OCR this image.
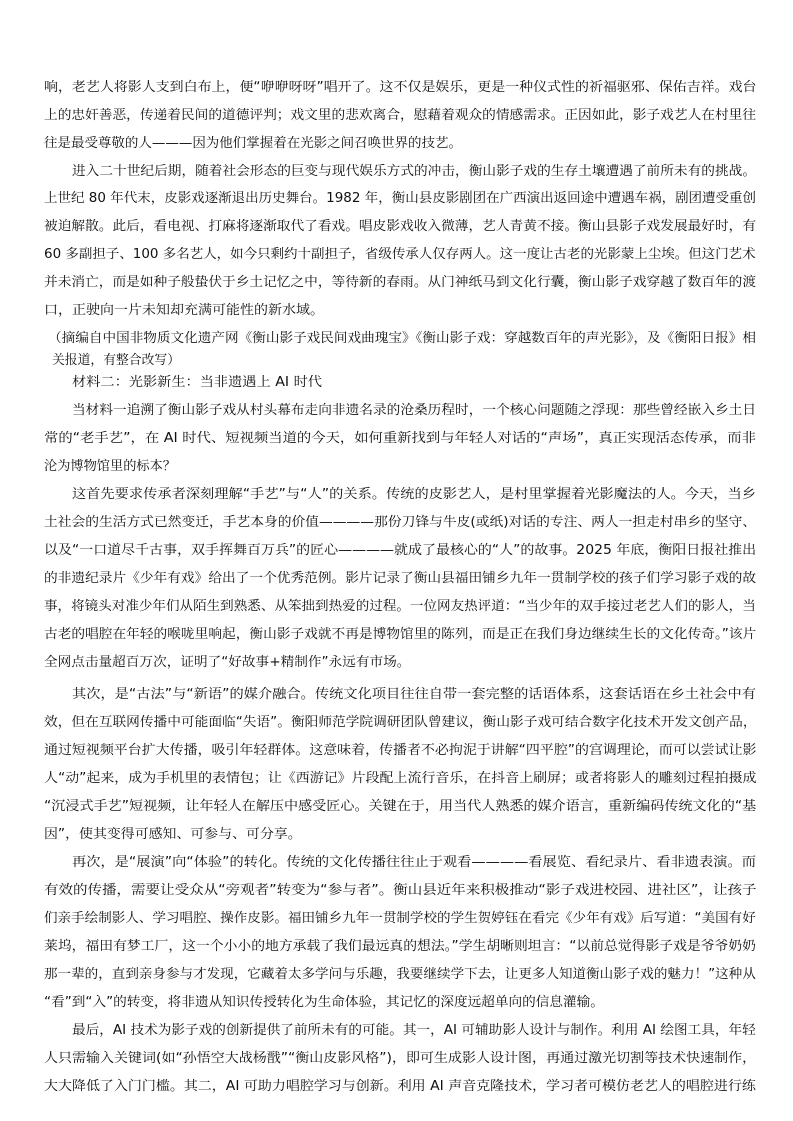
响，老艺人将影人支到白布上，便“咿咿呀呀”唱开了。这不仅是娱乐，更是一种仪式性的祈福驱邪、保佑吉祥。戏台
上的忠奸善恶，传递着民间的道德评判；戏文里的悲欢离合，慰藉着观众的情感需求。正因如此，影子戏艺人在村里往
往是最受尊敬的人———因为他们掌握着在光影之间召唤世界的技艺。
进入二十世纪后期，随着社会形态的巨变与现代娱乐方式的冲击，衡山影子戏的生存土壤遭遇了前所未有的挑战。
上世纪 80 年代末，皮影戏逐渐退出历史舞台。1982 年，衡山县皮影剧团在广西演出返回途中遭遇车祸，剧团遭受重创
被迫解散。此后，看电视、打麻将逐渐取代了看戏。唱皮影戏收入微薄，艺人青黄不接。衡山县影子戏发展最好时，有
60 多副担子、100 多名艺人，如今只剩约十副担子，省级传承人仅存两人。这一度让古老的光影蒙上尘埃。但这门艺术
并未消亡，而是如种子般蛰伏于乡土记忆之中，等待新的春雨。从门神纸马到文化行囊，衡山影子戏穿越了数百年的渡
口，正驶向一片未知却充满可能性的新水域。
（摘编自中国非物质文化遗产网《衡山影子戏民间戏曲瑰宝》《衡山影子戏：穿越数百年的声光影》，及《衡阳日报》相
关报道，有整合改写）
材料二：光影新生：当非遗遇上 AI 时代
当材料一追溯了衡山影子戏从村头幕布走向非遗名录的沧桑历程时，一个核心问题随之浮现：那些曾经嵌入乡土日
常的“老手艺”，在 AI 时代、短视频当道的今天，如何重新找到与年轻人对话的“声场”，真正实现活态传承，而非
沦为博物馆里的标本？
这首先要求传承者深刻理解“手艺”与“人”的关系。传统的皮影艺人，是村里掌握着光影魔法的人。今天，当乡
土社会的生活方式已然变迁，手艺本身的价值————那份刀锋与牛皮(或纸)对话的专注、两人一担走村串乡的坚守、
以及“一口道尽千古事，双手挥舞百万兵”的匠心————就成了最核心的“人”的故事。2025 年底，衡阳日报社推出
的非遗纪录片《少年有戏》给出了一个优秀范例。影片记录了衡山县福田铺乡九年一贯制学校的孩子们学习影子戏的故
事，将镜头对准少年们从陌生到熟悉、从笨拙到热爱的过程。一位网友热评道：“当少年的双手接过老艺人们的影人，当
古老的唱腔在年轻的喉咙里响起，衡山影子戏就不再是博物馆里的陈列，而是正在我们身边继续生长的文化传奇。”该片
全网点击量超百万次，证明了“好故事+精制作”永远有市场。
其次，是“古法”与“新语”的媒介融合。传统文化项目往往自带一套完整的话语体系，这套话语在乡土社会中有
效，但在互联网传播中可能面临“失语”。衡阳师范学院调研团队曾建议，衡山影子戏可结合数字化技术开发文创产品，
通过短视频平台扩大传播，吸引年轻群体。这意味着，传播者不必拘泥于讲解“四平腔”的宫调理论，而可以尝试让影
人“动”起来，成为手机里的表情包；让《西游记》片段配上流行音乐，在抖音上刷屏；或者将影人的雕刻过程拍摄成
“沉浸式手艺”短视频，让年轻人在解压中感受匠心。关键在于，用当代人熟悉的媒介语言，重新编码传统文化的“基
因”，使其变得可感知、可参与、可分享。
再次，是“展演”向“体验”的转化。传统的文化传播往往止于观看————看展览、看纪录片、看非遗表演。而
有效的传播，需要让受众从“旁观者”转变为“参与者”。衡山县近年来积极推动“影子戏进校园、进社区”，让孩子
们亲手绘制影人、学习唱腔、操作皮影。福田铺乡九年一贯制学校的学生贺婷钰在看完《少年有戏》后写道：“美国有好
莱坞，福田有梦工厂，这一个小小的地方承载了我们最远真的想法。”学生胡晰则坦言：“以前总觉得影子戏是爷爷奶奶
那一辈的，直到亲身参与才发现，它藏着太多学问与乐趣，我要继续学下去，让更多人知道衡山影子戏的魅力！”这种从
“看”到“入”的转变，将非遗从知识传授转化为生命体验，其记忆的深度远超单向的信息灌输。
最后，AI 技术为影子戏的创新提供了前所未有的可能。其一，AI 可辅助影人设计与制作。利用 AI 绘图工具，年轻
人只需输入关键词(如“孙悟空大战杨戬”“衡山皮影风格”)，即可生成影人设计图，再通过激光切割等技术快速制作，
大大降低了入门门槛。其二，AI 可助力唱腔学习与创新。利用 AI 声音克隆技术，学习者可模仿老艺人的唱腔进行练
